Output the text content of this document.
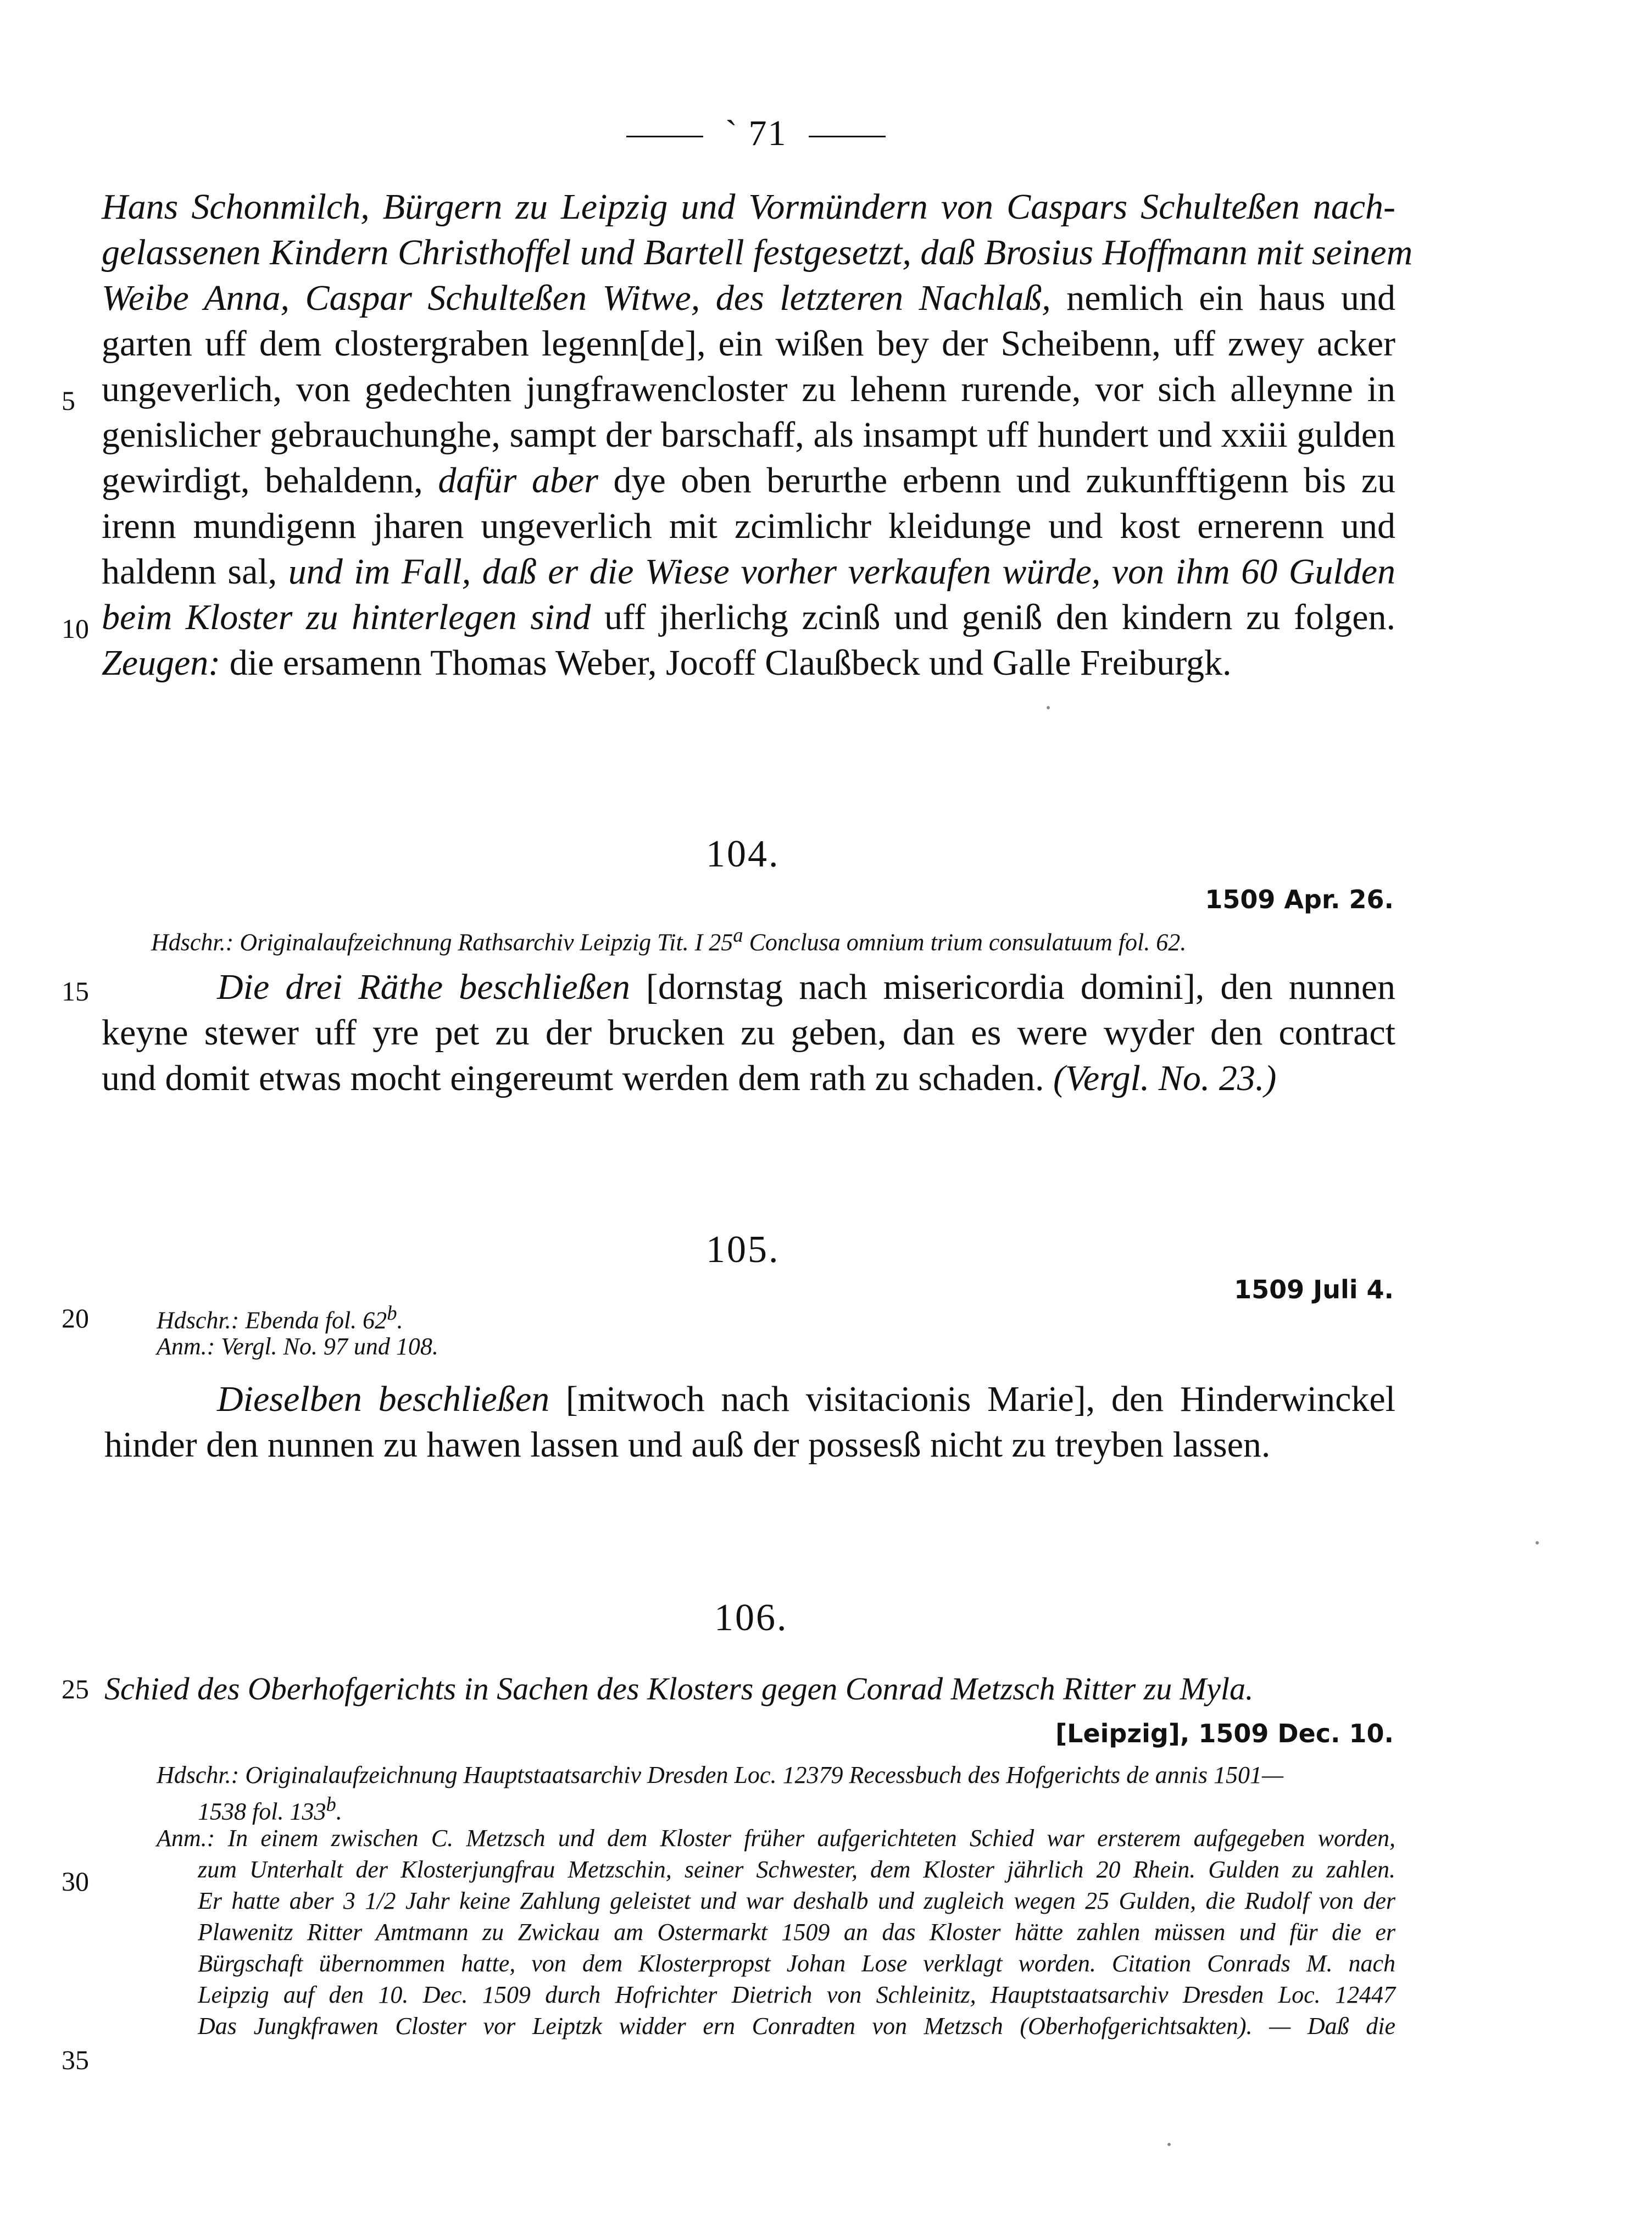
` 71
Hans Schonmilch, Bürgern zu Leipzig und Vormündern von Caspars Schulteßen nach-
gelassenen Kindern Christhoffel und Bartell festgesetzt, daß Brosius Hoffmann mit seinem
Weibe Anna, Caspar Schulteßen Witwe, des letzteren Nachlaß, nemlich ein haus und
garten uff dem clostergraben legenn[de], ein wißen bey der Scheibenn, uff zwey acker
ungeverlich, von gedechten jungfrawencloster zu lehenn rurende, vor sich alleynne in
genislicher gebrauchunghe, sampt der barschaff, als insampt uff hundert und xxiii gulden
gewirdigt, behaldenn, dafür aber dye oben berurthe erbenn und zukunfftigenn bis zu
irenn mundigenn jharen ungeverlich mit zcimlichr kleidunge und kost ernerenn und
haldenn sal, und im Fall, daß er die Wiese vorher verkaufen würde, von ihm 60 Gulden
beim Kloster zu hinterlegen sind uff jherlichg zcinß und genіß den kindern zu folgen.
Zeugen: die ersamenn Thomas Weber, Jocoff Claußbeck und Galle Freiburgk.
5
10
15
20
25
30
35
104.
1509 Apr. 26.
Hdschr.: Originalaufzeichnung Rathsarchiv Leipzig Tit. I 25$^a$ Conclusa omnium trium consulatuum fol. 62.
Die drei Räthe beschließen [dornstag nach misericordia domini], den nunnen
keyne stewer uff yre pet zu der brucken zu geben, dan es were wyder den contract
und domit etwas mocht eingereumt werden dem rath zu schaden. (Vergl. No. 23.)
105.
1509 Juli 4.
Hdschr.: Ebenda fol. 62$^b$.
Anm.: Vergl. No. 97 und 108.
Dieselben beschließen [mitwoch nach visitacionis Marie], den Hinderwinckel
hinder den nunnen zu hawen lassen und auß der possesß nicht zu treyben lassen.
106.
Schied des Oberhofgerichts in Sachen des Klosters gegen Conrad Metzsch Ritter zu Myla.
[Leipzig], 1509 Dec. 10.
Hdschr.: Originalaufzeichnung Hauptstaatsarchiv Dresden Loc. 12379 Recessbuch des Hofgerichts de annis 1501—
1538 fol. 133$^b$.
Anm.: In einem zwischen C. Metzsch und dem Kloster früher aufgerichteten Schied war ersterem aufgegeben worden,
zum Unterhalt der Klosterjungfrau Metzschin, seiner Schwester, dem Kloster jährlich 20 Rhein. Gulden zu zahlen.
Er hatte aber 3 1/2 Jahr keine Zahlung geleistet und war deshalb und zugleich wegen 25 Gulden, die Rudolf von der
Plawenitz Ritter Amtmann zu Zwickau am Ostermarkt 1509 an das Kloster hätte zahlen müssen und für die er
Bürgschaft übernommen hatte, von dem Klosterpropst Johan Lose verklagt worden. Citation Conrads M. nach
Leipzig auf den 10. Dec. 1509 durch Hofrichter Dietrich von Schleinitz, Hauptstaatsarchiv Dresden Loc. 12447
Das Jungkfrawen Closter vor Leiptzk widder ern Conradten von Metzsch (Oberhofgerichtsakten). — Daß die
